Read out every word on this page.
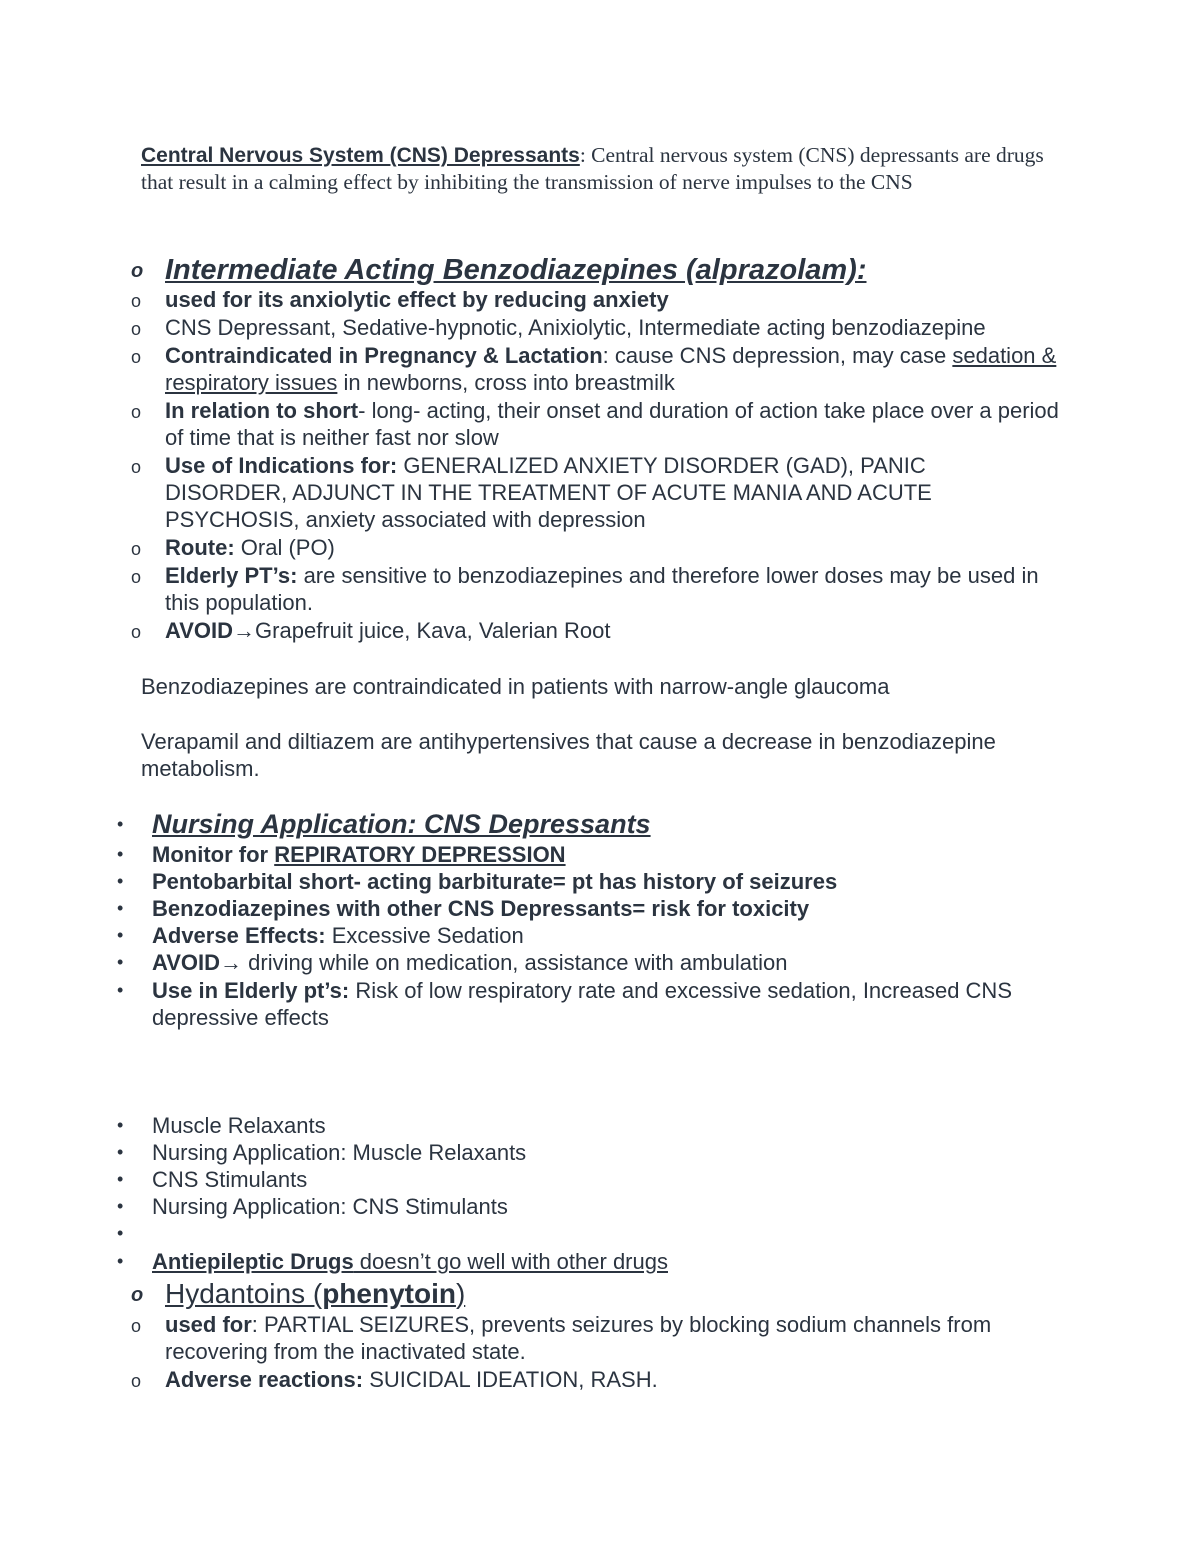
Central Nervous System (CNS) Depressants: Central nervous system (CNS) depressants are drugs that result in a calming effect by inhibiting the transmission of nerve impulses to the CNS
o Intermediate Acting Benzodiazepines (alprazolam):
o used for its anxiolytic effect by reducing anxiety
o CNS Depressant, Sedative-hypnotic, Anixiolytic, Intermediate acting benzodiazepine
o Contraindicated in Pregnancy & Lactation: cause CNS depression, may case sedation & respiratory issues in newborns, cross into breastmilk
o In relation to short- long- acting, their onset and duration of action take place over a period of time that is neither fast nor slow
o Use of Indications for: GENERALIZED ANXIETY DISORDER (GAD), PANIC DISORDER, ADJUNCT IN THE TREATMENT OF ACUTE MANIA AND ACUTE PSYCHOSIS, anxiety associated with depression
o Route: Oral (PO)
o Elderly PT’s: are sensitive to benzodiazepines and therefore lower doses may be used in this population.
o AVOID→Grapefruit juice, Kava, Valerian Root
Benzodiazepines are contraindicated in patients with narrow-angle glaucoma
Verapamil and diltiazem are antihypertensives that cause a decrease in benzodiazepine metabolism.
• Nursing Application: CNS Depressants
• Monitor for REPIRATORY DEPRESSION
• Pentobarbital short- acting barbiturate= pt has history of seizures
• Benzodiazepines with other CNS Depressants= risk for toxicity
• Adverse Effects: Excessive Sedation
• AVOID→ driving while on medication, assistance with ambulation
• Use in Elderly pt’s: Risk of low respiratory rate and excessive sedation, Increased CNS depressive effects
• Muscle Relaxants
• Nursing Application: Muscle Relaxants
• CNS Stimulants
• Nursing Application: CNS Stimulants
•
• Antiepileptic Drugs doesn’t go well with other drugs
o Hydantoins (phenytoin)
o used for: PARTIAL SEIZURES, prevents seizures by blocking sodium channels from recovering from the inactivated state.
o Adverse reactions: SUICIDAL IDEATION, RASH.
